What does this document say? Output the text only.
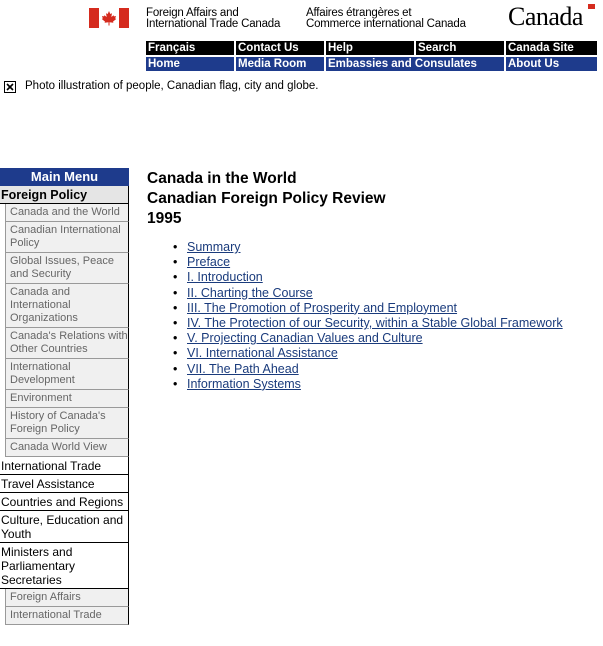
Foreign Affairs and
International Trade Canada
Affaires étrangères et
Commerce international Canada Canada
Français	Contact Us	Help	Search	Canada Site
Home	Media Room	Embassies and Consulates	About Us
Photo illustration of people, Canadian flag, city and globe.
Main Menu
Foreign Policy
Canada and the World
Canadian International Policy
Global Issues, Peace and Security
Canada and International Organizations
Canada's Relations with Other Countries
International Development
Environment
History of Canada's Foreign Policy
Canada World View
International Trade
Travel Assistance
Countries and Regions
Culture, Education and Youth
Ministers and Parliamentary Secretaries
Foreign Affairs
International Trade
Canada in the World
Canadian Foreign Policy Review
1995
• Summary
• Preface
• I. Introduction
• II. Charting the Course
• III. The Promotion of Prosperity and Employment
• IV. The Protection of our Security, within a Stable Global Framework
• V. Projecting Canadian Values and Culture
• VI. International Assistance
• VII. The Path Ahead
• Information Systems
